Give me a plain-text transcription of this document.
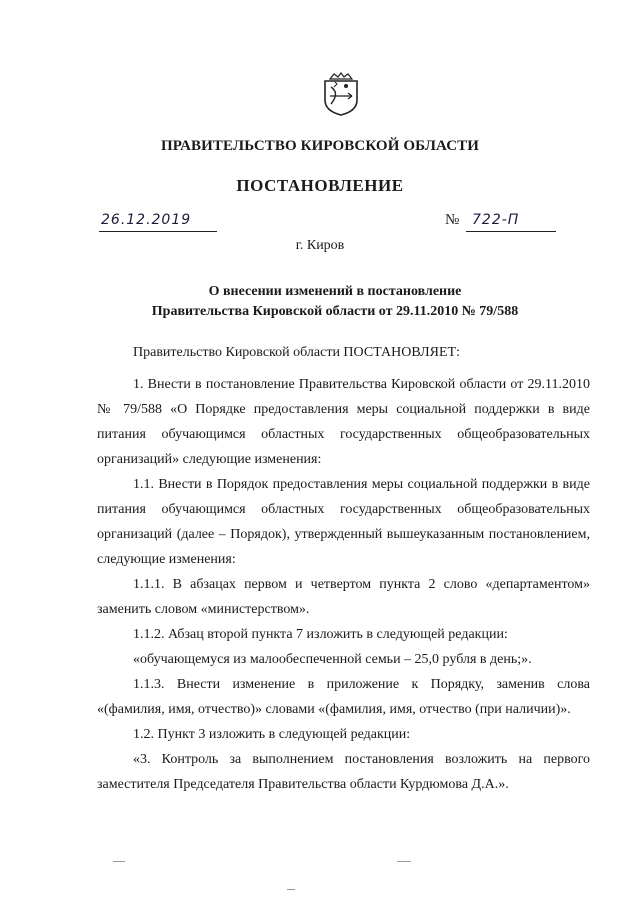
ПРАВИТЕЛЬСТВО КИРОВСКОЙ ОБЛАСТИ
ПОСТАНОВЛЕНИЕ
26.12.2019	№ 722-П
г. Киров
О внесении изменений в постановление
Правительства Кировской области от 29.11.2010 № 79/588

Правительство Кировской области ПОСТАНОВЛЯЕТ:

1. Внести в постановление Правительства Кировской области от 29.11.2010 № 79/588 «О Порядке предоставления меры социальной поддержки в виде питания обучающимся областных государственных общеобразовательных организаций» следующие изменения:

1.1. Внести в Порядок предоставления меры социальной поддержки в виде питания обучающимся областных государственных общеобразовательных организаций (далее – Порядок), утвержденный вышеуказанным постановлением, следующие изменения:

1.1.1. В абзацах первом и четвертом пункта 2 слово «департаментом» заменить словом «министерством».

1.1.2. Абзац второй пункта 7 изложить в следующей редакции:

«обучающемуся из малообеспеченной семьи – 25,0 рубля в день;».

1.1.3. Внести изменение в приложение к Порядку, заменив слова «(фамилия, имя, отчество)» словами «(фамилия, имя, отчество (при наличии)».

1.2. Пункт 3 изложить в следующей редакции:

«3. Контроль за выполнением постановления возложить на первого заместителя Председателя Правительства области Курдюмова Д.А.».
